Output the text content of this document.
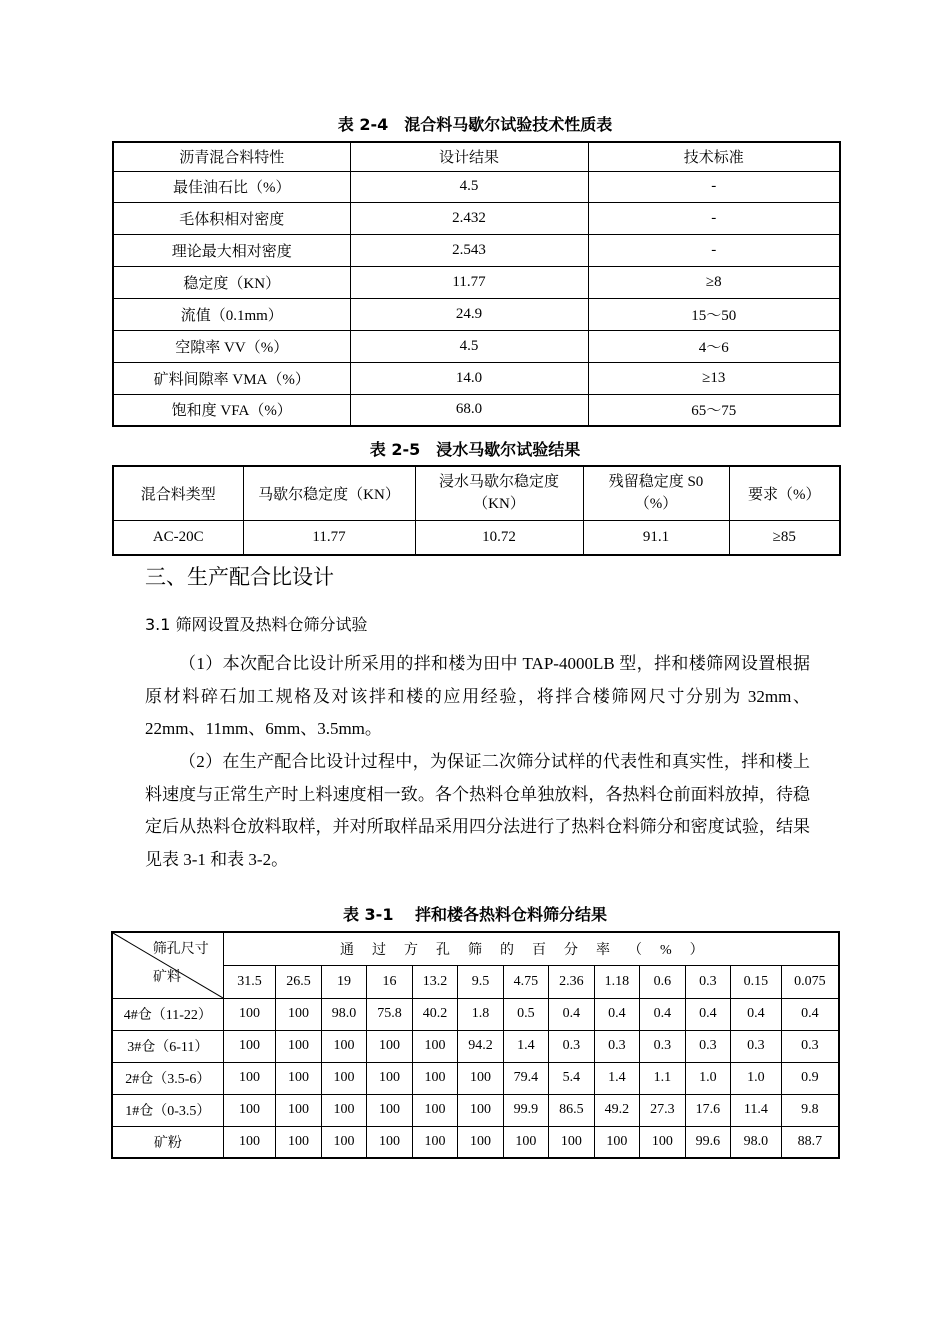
表 2-4　混合料马歇尔试验技术性质表
沥青混合料特性	设计结果	技术标准
最佳油石比（%）	4.5	-
毛体积相对密度	2.432	-
理论最大相对密度	2.543	-
稳定度（KN）	11.77	≥8
流值（0.1mm）	24.9	15～50
空隙率 VV（%）	4.5	4～6
矿料间隙率 VMA（%）	14.0	≥13
饱和度 VFA（%）	68.0	65～75
表 2-5　浸水马歇尔试验结果
混合料类型	马歇尔稳定度（KN）	浸水马歇尔稳定度（KN）	残留稳定度 S0（%）	要求（%）
AC-20C	11.77	10.72	91.1	≥85
三、生产配合比设计
3.1 筛网设置及热料仓筛分试验
（1）本次配合比设计所采用的拌和楼为田中 TAP-4000LB 型，拌和楼筛网设置根据原材料碎石加工规格及对该拌和楼的应用经验，将拌合楼筛网尺寸分别为 32mm、22mm、11mm、6mm、3.5mm。
（2）在生产配合比设计过程中，为保证二次筛分试样的代表性和真实性，拌和楼上料速度与正常生产时上料速度相一致。各个热料仓单独放料，各热料仓前面料放掉，待稳定后从热料仓放料取样，并对所取样品采用四分法进行了热料仓料筛分和密度试验，结果见表 3-1 和表 3-2。
表 3-1　 拌和楼各热料仓料筛分结果
筛孔尺寸
矿料	通过方孔筛的百分率（%）												
	31.5	26.5	19	16	13.2	9.5	4.75	2.36	1.18	0.6	0.3	0.15	0.075
4#仓（11-22）	100	100	98.0	75.8	40.2	1.8	0.5	0.4	0.4	0.4	0.4	0.4	0.4
3#仓（6-11）	100	100	100	100	100	94.2	1.4	0.3	0.3	0.3	0.3	0.3	0.3
2#仓（3.5-6）	100	100	100	100	100	100	79.4	5.4	1.4	1.1	1.0	1.0	0.9
1#仓（0-3.5）	100	100	100	100	100	100	99.9	86.5	49.2	27.3	17.6	11.4	9.8
矿粉	100	100	100	100	100	100	100	100	100	100	99.6	98.0	88.7
